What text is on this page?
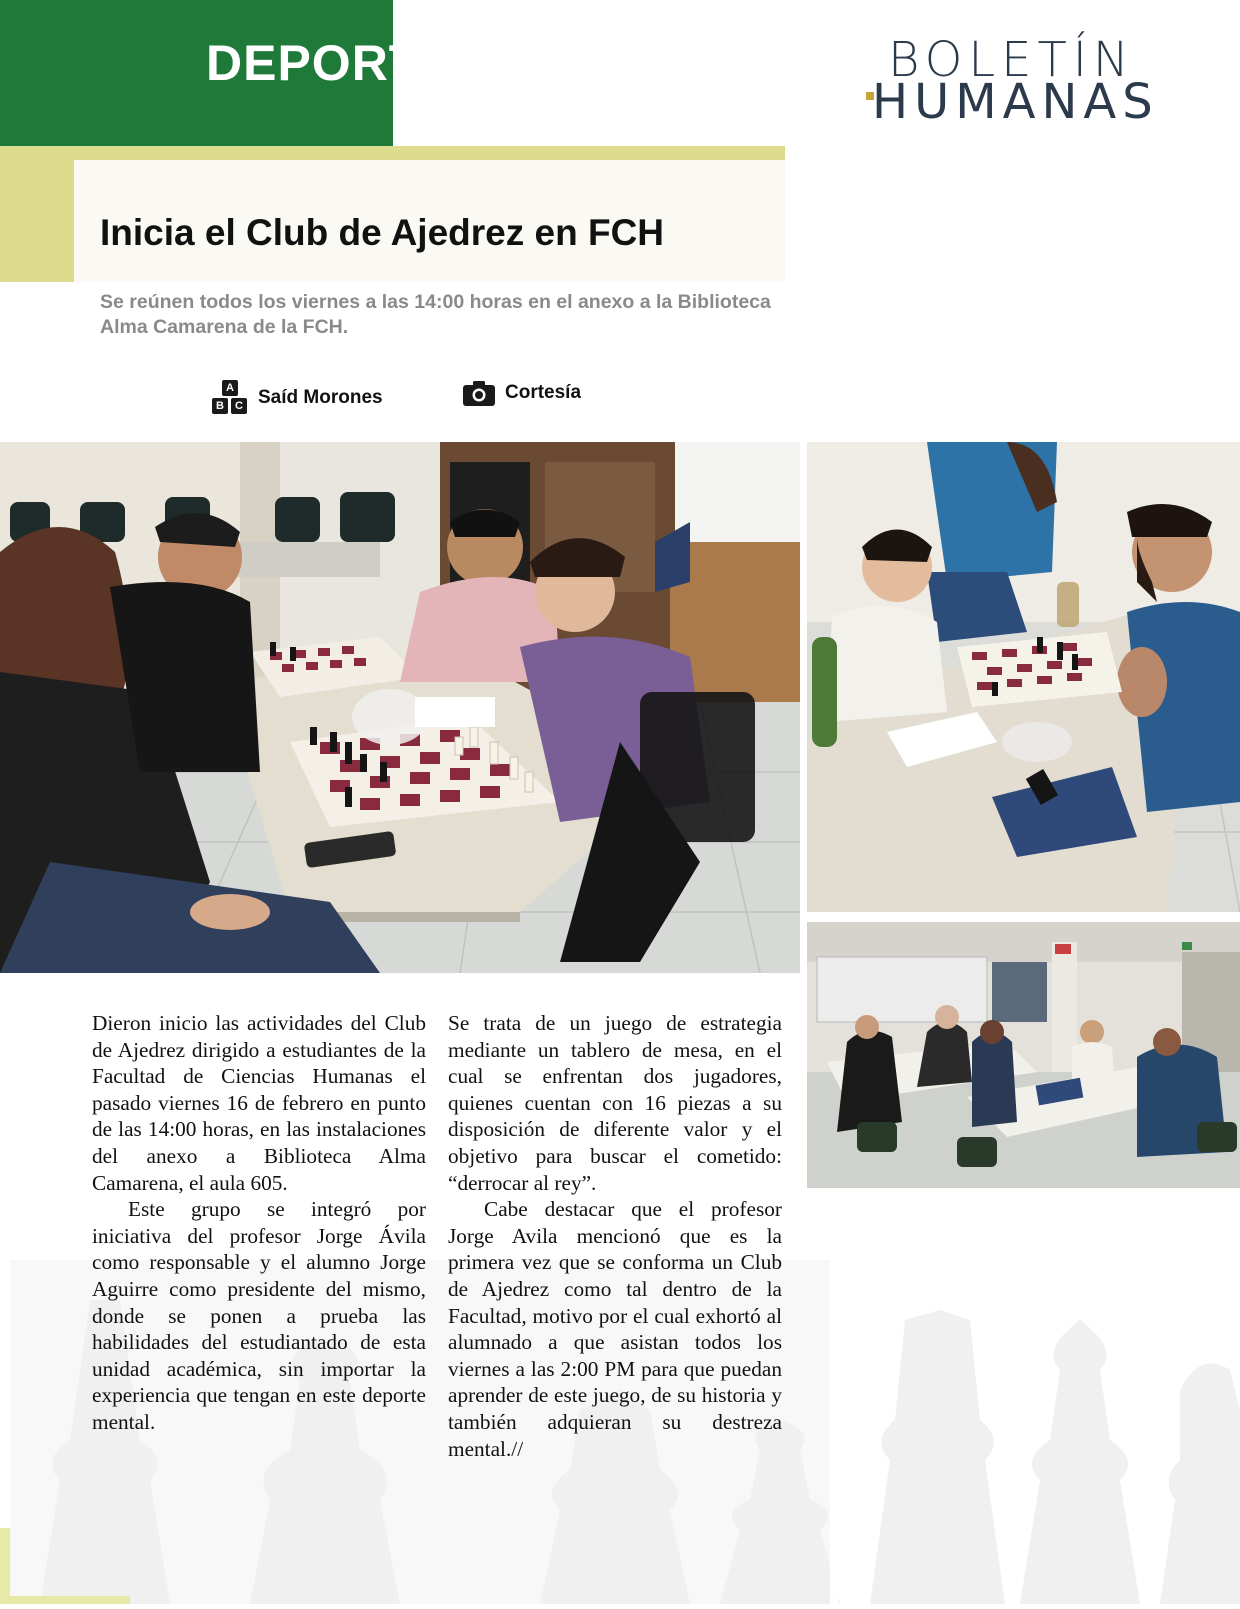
DEPORTES	BOLETÍN
HUMANAS
Inicia el Club de Ajedrez en FCH

Se reúnen todos los viernes a las 14:00 horas en el anexo a la Biblioteca Alma Camarena de la FCH.

A
B	C Saíd Morones	Cortesía

Dieron inicio las actividades del Club de Ajedrez dirigido a estudiantes de la Facultad de Ciencias Humanas el pasado viernes 16 de febrero en punto de las 14:00 horas, en las instalaciones del anexo a Biblioteca Alma Camarena, el aula 605.

Este grupo se integró por iniciativa del profesor Jorge Ávila como responsable y el alumno Jorge Aguirre como presidente del mismo, donde se ponen a prueba las habilidades del estudiantado de esta unidad académica, sin importar la experiencia que tengan en este deporte mental.

Se trata de un juego de estrategia mediante un tablero de mesa, en el cual se enfrentan dos jugadores, quienes cuentan con 16 piezas a su disposición de diferente valor y el objetivo para buscar el cometido: “derrocar al rey”.

Cabe destacar que el profesor Jorge Avila mencionó que es la primera vez que se conforma un Club de Ajedrez como tal dentro de la Facultad, motivo por el cual exhortó al alumnado a que asistan todos los viernes a las 2:00 PM para que puedan aprender de este juego, de su historia y también adquieran su destreza mental.//
